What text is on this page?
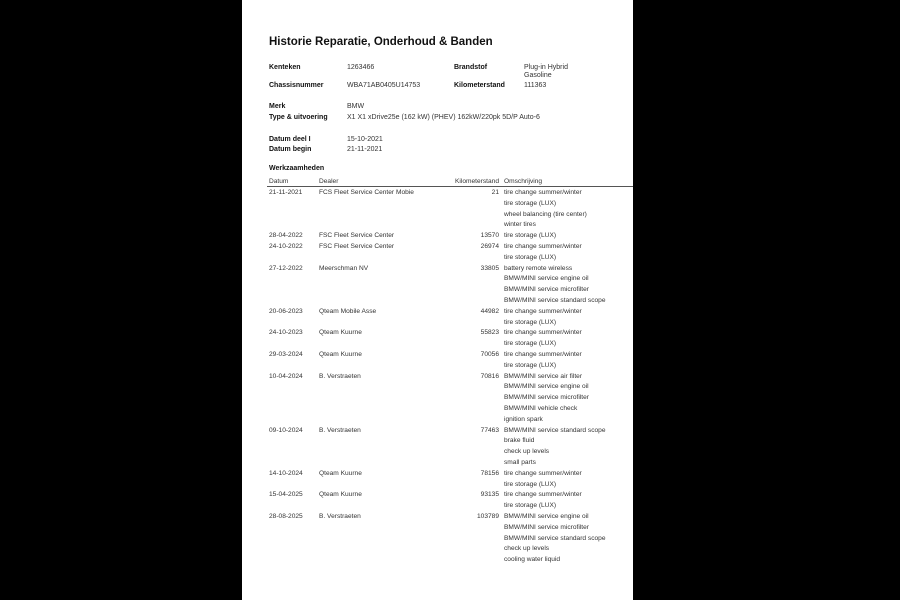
Historie Reparatie, Onderhoud & Banden
Kenteken	1263466	Brandstof	Plug-in Hybrid
Gasoline
Chassisnummer	WBA71AB0405U14753	Kilometerstand	111363
Merk	BMW
Type & uitvoering	X1 X1 xDrive25e (162 kW) (PHEV) 162kW/220pk 5D/P Auto-6
Datum deel I	15-10-2021
Datum begin	21-11-2021
Werkzaamheden
Datum	Dealer	Kilometerstand Omschrijving
21-11-2021	FCS Fleet Service Center Mobie	21 tire change summer/winter
tire storage (LUX)
wheel balancing (tire center)
winter tires
28-04-2022 FSC Fleet Service Center	13570 tire storage (LUX)
24-10-2022 FSC Fleet Service Center	26974 tire change summer/winter
tire storage (LUX)
27-12-2022 Meerschman NV	33805 battery remote wireless
BMW/MINI service engine oil
BMW/MINI service microfilter
BMW/MINI service standard scope
20-06-2023 Qteam Mobile Asse	44982 tire change summer/winter
tire storage (LUX)
24-10-2023 Qteam Kuurne	55823 tire change summer/winter
tire storage (LUX)
29-03-2024 Qteam Kuurne	70056 tire change summer/winter
tire storage (LUX)
10-04-2024 B. Verstraeten	70816 BMW/MINI service air filter
BMW/MINI service engine oil
BMW/MINI service microfilter
BMW/MINI vehicle check
ignition spark
09-10-2024 B. Verstraeten	77463 BMW/MINI service standard scope
brake fluid
check up levels
small parts
14-10-2024 Qteam Kuurne	78156 tire change summer/winter
tire storage (LUX)
15-04-2025 Qteam Kuurne	93135 tire change summer/winter
tire storage (LUX)
28-08-2025 B. Verstraeten	103789 BMW/MINI service engine oil
BMW/MINI service microfilter
BMW/MINI service standard scope
check up levels
cooling water liquid
